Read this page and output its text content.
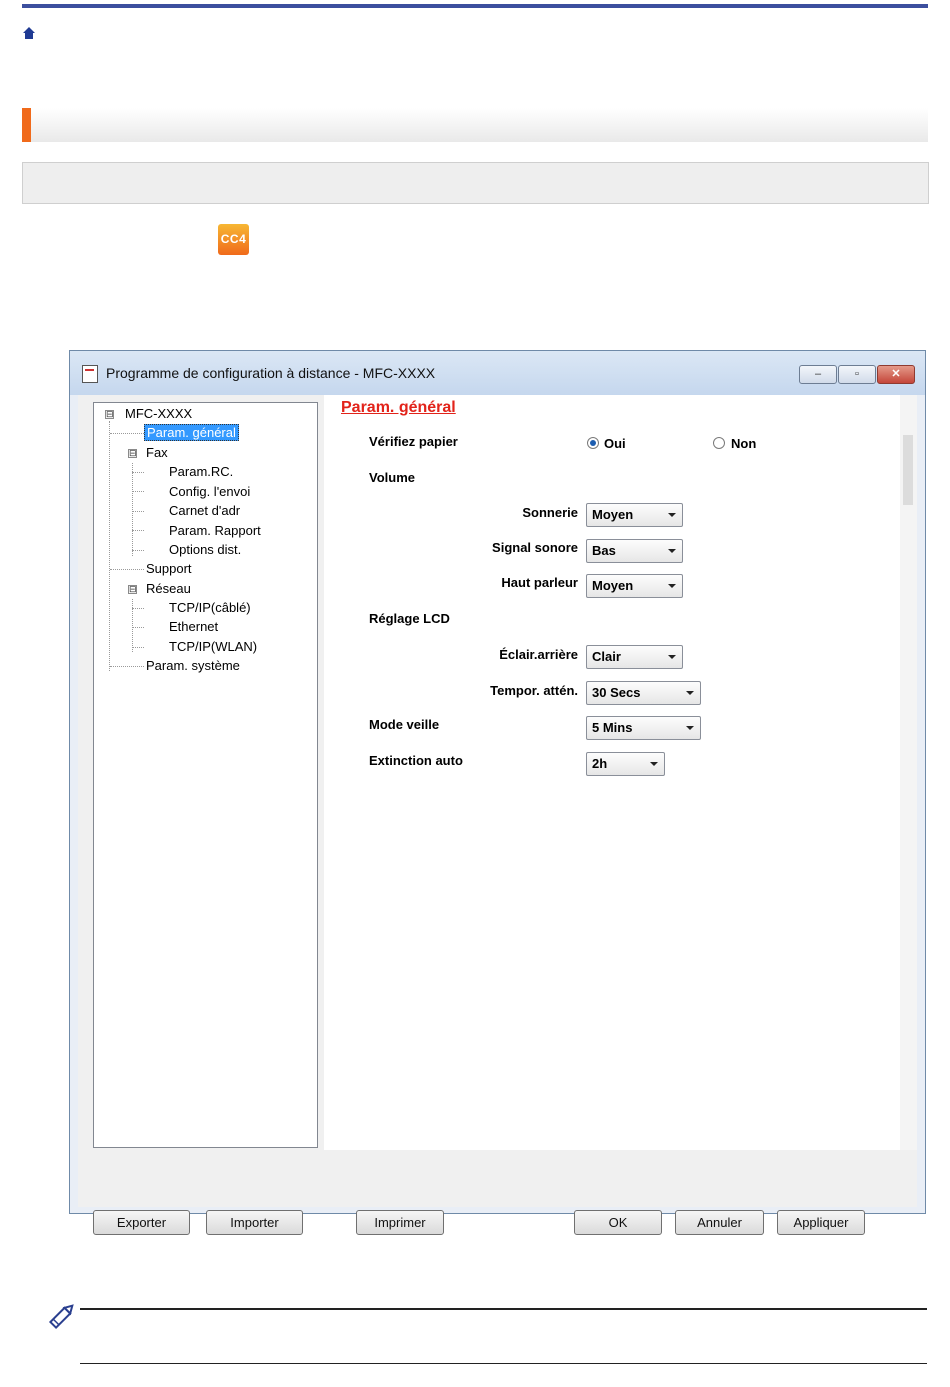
CC4
Programme de configuration à distance - MFC-XXXX	–	▫	✕
⊟
⊟
⊟
MFC-XXXX
Param. général
Fax
Param.RC.
Config. l'envoi
Carnet d'adr
Param. Rapport
Options dist.
Support
Réseau
TCP/IP(câblé)
Ethernet
TCP/IP(WLAN)
Param. système
Param. général
Vérifiez papier	Oui	Non
Volume
Sonnerie	Moyen
Signal sonore	Bas
Haut parleur	Moyen
Réglage LCD
Éclair.arrière	Clair
Tempor. attén.	30 Secs
Mode veille	5 Mins
Extinction auto	2h
Exporter	Importer	Imprimer	OK	Annuler	Appliquer
